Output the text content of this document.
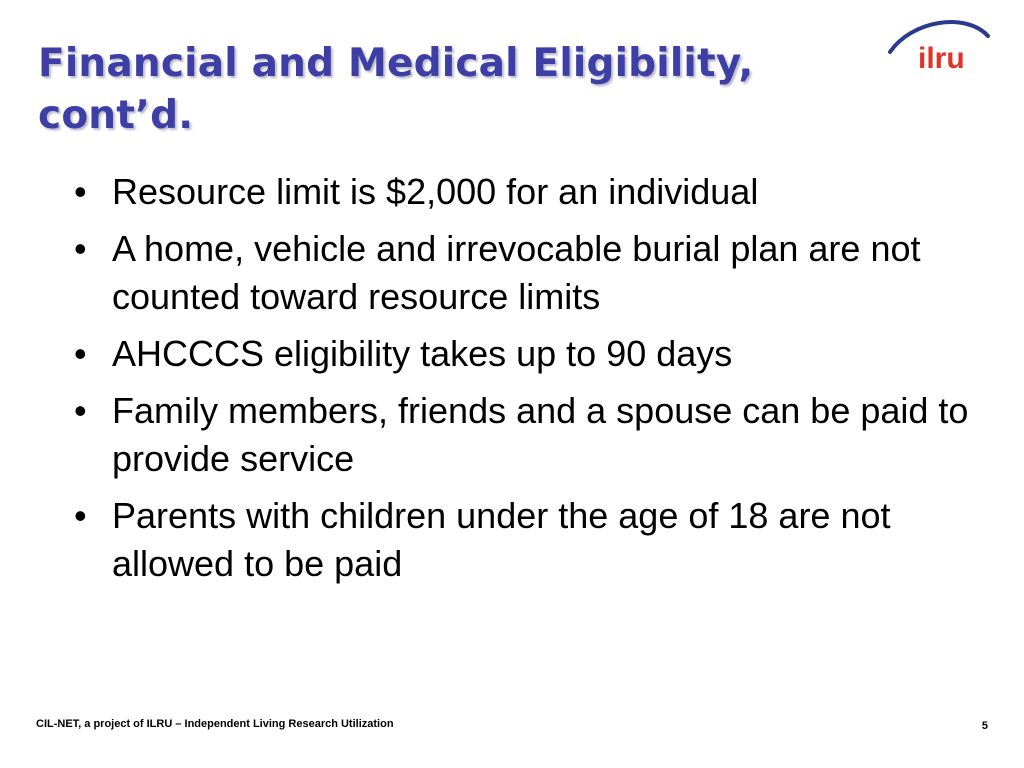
Financial and Medical Eligibility,
cont’d.
ilru
• Resource limit is $2,000 for an individual
• A home, vehicle and irrevocable burial plan are not counted toward resource limits
• AHCCCS eligibility takes up to 90 days
• Family members, friends and a spouse can be paid to provide service
• Parents with children under the age of 18 are not allowed to be paid
CIL-NET, a project of ILRU – Independent Living Research Utilization	5
